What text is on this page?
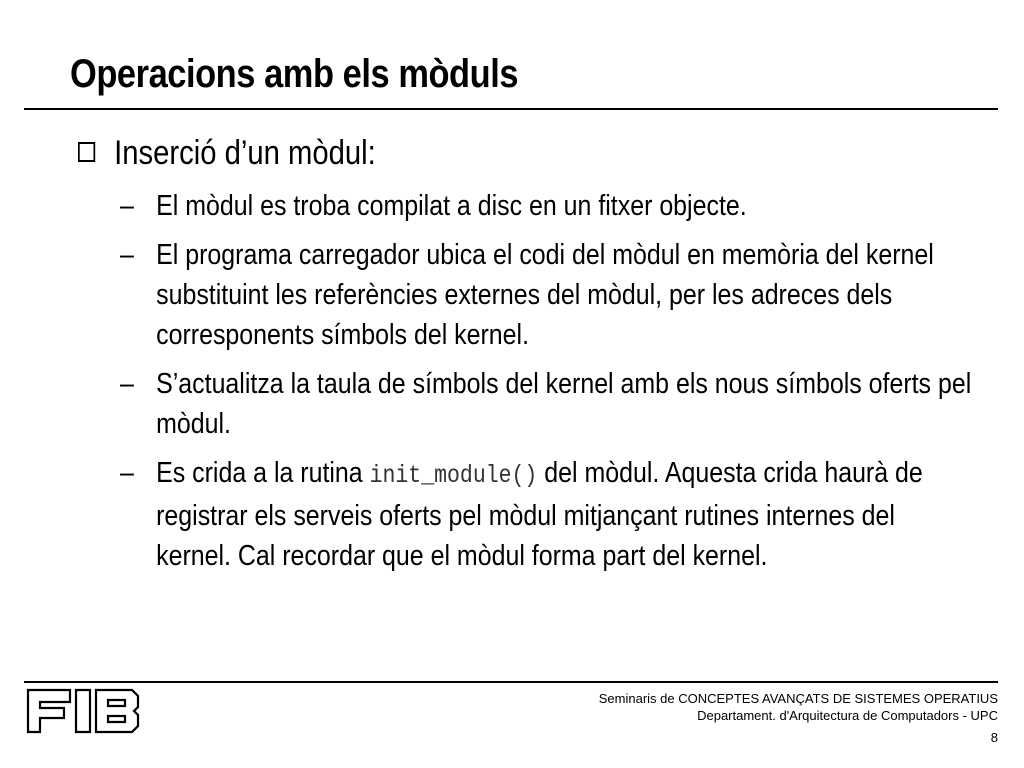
Operacions amb els mòduls
Inserció d’un mòdul:
– El mòdul es troba compilat a disc en un fitxer objecte.
– El programa carregador ubica el codi del mòdul en memòria del kernel substituint les referències externes del mòdul, per les adreces dels corresponents símbols del kernel.
– S’actualitza la taula de símbols del kernel amb els nous símbols oferts pel mòdul.
– Es crida a la rutina init_module() del mòdul. Aquesta crida haurà de registrar els serveis oferts pel mòdul mitjançant rutines internes del kernel. Cal recordar que el mòdul forma part del kernel.
Seminaris de CONCEPTES AVANÇATS DE SISTEMES OPERATIUS
Departament. d'Arquitectura de Computadors - UPC
8
